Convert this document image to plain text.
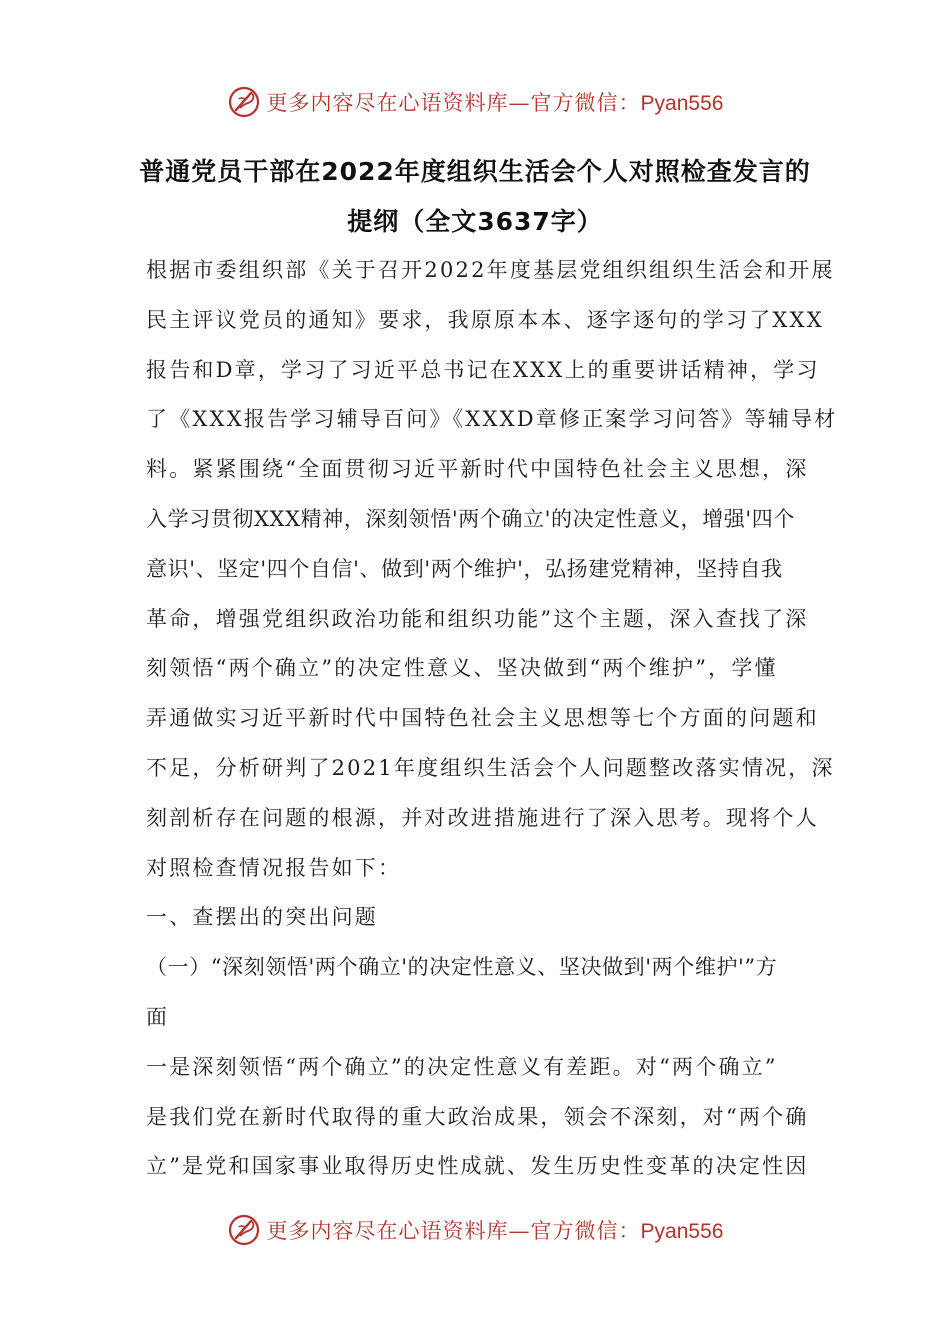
更多内容尽在心语资料库—官方微信：Pyan556
普通党员干部在2022年度组织生活会个人对照检查发言的
提纲（全文3637字）
根据市委组织部《关于召开2022年度基层党组织组织生活会和开展
民主评议党员的通知》要求，我原原本本、逐字逐句的学习了XXX
报告和D章，学习了习近平总书记在XXX上的重要讲话精神，学习
了《XXX报告学习辅导百问》《XXXD章修正案学习问答》等辅导材
料。紧紧围绕“全面贯彻习近平新时代中国特色社会主义思想，深
入学习贯彻XXX精神，深刻领悟'两个确立'的决定性意义，增强'四个
意识'、坚定'四个自信'、做到'两个维护'，弘扬建党精神，坚持自我
革命，增强党组织政治功能和组织功能”这个主题，深入查找了深
刻领悟“两个确立”的决定性意义、坚决做到“两个维护”，学懂
弄通做实习近平新时代中国特色社会主义思想等七个方面的问题和
不足，分析研判了2021年度组织生活会个人问题整改落实情况，深
刻剖析存在问题的根源，并对改进措施进行了深入思考。现将个人
对照检查情况报告如下：
一、查摆出的突出问题
（一）“深刻领悟'两个确立'的决定性意义、坚决做到'两个维护'”方
面
一是深刻领悟“两个确立”的决定性意义有差距。对“两个确立”
是我们党在新时代取得的重大政治成果，领会不深刻，对“两个确
立”是党和国家事业取得历史性成就、发生历史性变革的决定性因
更多内容尽在心语资料库—官方微信：Pyan556
